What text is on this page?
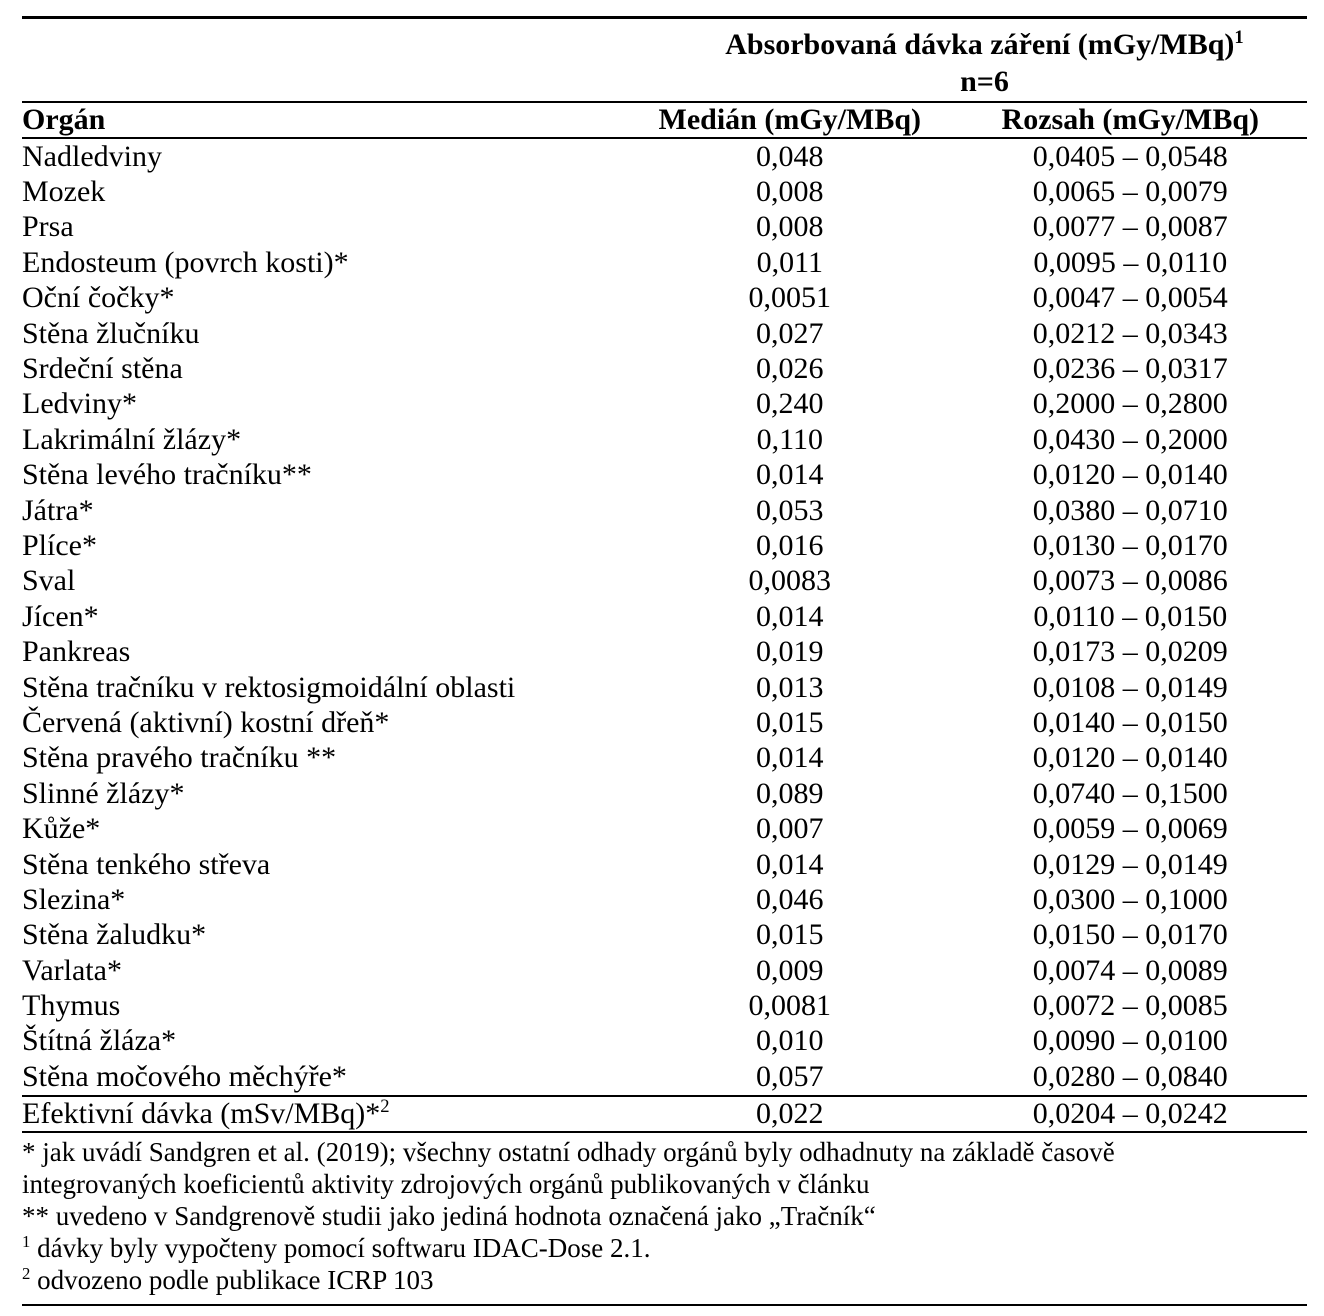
	Absorbovaná dávka záření $(mGy/MBq)^1$
n=6	

Orgán	Medián (mGy/MBq)	Rozsah (mGy/MBq)
Nadledviny	0,048	0,0405 – 0,0548
Mozek	0,008	0,0065 – 0,0079
Prsa	0,008	0,0077 – 0,0087
Endosteum (povrch kosti)*	0,011	0,0095 – 0,0110
Oční čočky*	0,0051	0,0047 – 0,0054
Stěna žlučníku	0,027	0,0212 – 0,0343
Srdeční stěna	0,026	0,0236 – 0,0317
Ledviny*	0,240	0,2000 – 0,2800
Lakrimální žlázy*	0,110	0,0430 – 0,2000
Stěna levého tračníku**	0,014	0,0120 – 0,0140
Játra*	0,053	0,0380 – 0,0710
Plíce*	0,016	0,0130 – 0,0170
Sval	0,0083	0,0073 – 0,0086
Jícen*	0,014	0,0110 – 0,0150
Pankreas	0,019	0,0173 – 0,0209
Stěna tračníku v rektosigmoidální oblasti	0,013	0,0108 – 0,0149
Červená (aktivní) kostní dřeň*	0,015	0,0140 – 0,0150
Stěna pravého tračníku **	0,014	0,0120 – 0,0140
Slinné žlázy*	0,089	0,0740 – 0,1500
Kůže*	0,007	0,0059 – 0,0069
Stěna tenkého střeva	0,014	0,0129 – 0,0149
Slezina*	0,046	0,0300 – 0,1000
Stěna žaludku*	0,015	0,0150 – 0,0170
Varlata*	0,009	0,0074 – 0,0089
Thymus	0,0081	0,0072 – 0,0085
Štítná žláza*	0,010	0,0090 – 0,0100
Stěna močového měchýře*	0,057	0,0280 – 0,0840
Efektivní dávka (mSv/MBq)*$^2$	0,022	0,0204 – 0,0242

* jak uvádí Sandgren et al. (2019); všechny ostatní odhady orgánů byly odhadnuty na základě časově integrovaných koeficientů aktivity zdrojových orgánů publikovaných v článku

** uvedeno v Sandgrenově studii jako jediná hodnota označená jako „Tračník“

$^1$ dávky byly vypočteny pomocí softwaru IDAC-Dose 2.1.

$^2$ odvozeno podle publikace ICRP 103
